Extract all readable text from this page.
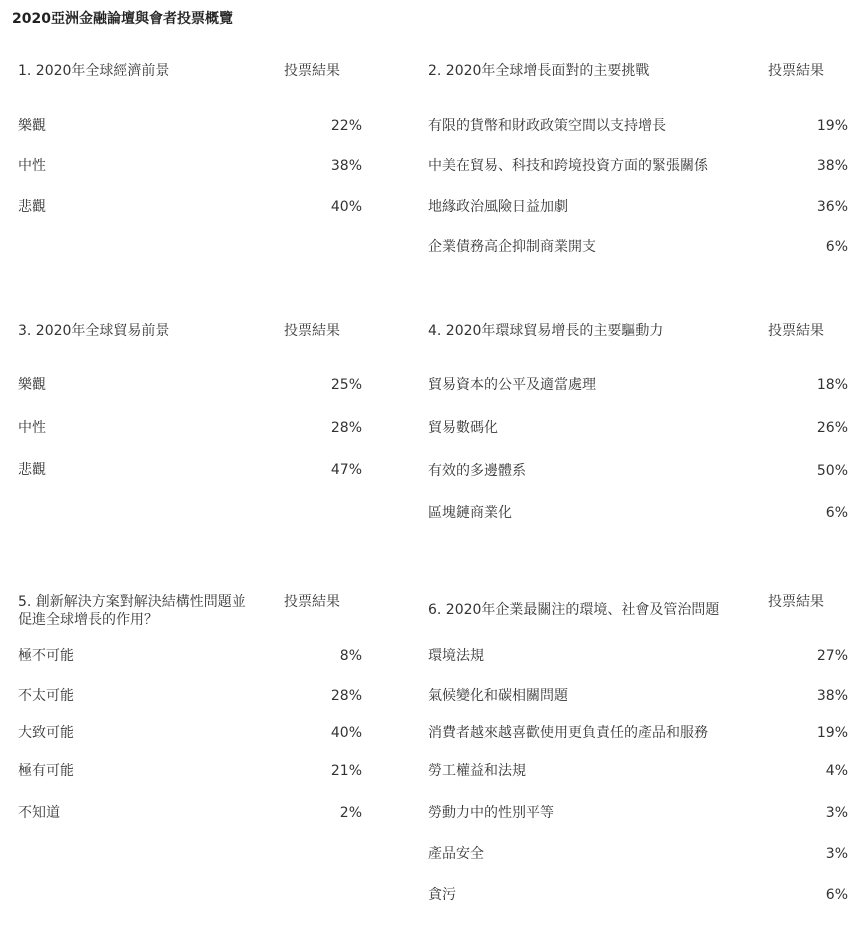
2020亞洲金融論壇與會者投票概覽
1. 2020年全球經濟前景	投票結果
樂觀	22%
中性	38%
悲觀	40%
2. 2020年全球增長面對的主要挑戰	投票結果
有限的貨幣和財政政策空間以支持增長	19%
中美在貿易、科技和跨境投資方面的緊張關係	38%
地緣政治風險日益加劇	36%
企業債務高企抑制商業開支	6%
3. 2020年全球貿易前景	投票結果
樂觀	25%
中性	28%
悲觀	47%
4. 2020年環球貿易增長的主要驅動力	投票結果
貿易資本的公平及適當處理	18%
貿易數碼化	26%
有效的多邊體系	50%
區塊鏈商業化	6%
5. 創新解決方案對解決結構性問題並
促進全球增長的作用？
投票結果
極不可能	8%
不太可能	28%
大致可能	40%
極有可能	21%
不知道	2%
6. 2020年企業最關注的環境、社會及管治問題	投票結果
環境法規	27%
氣候變化和碳相關問題	38%
消費者越來越喜歡使用更負責任的產品和服務	19%
勞工權益和法規	4%
勞動力中的性別平等	3%
產品安全	3%
貪污	6%
